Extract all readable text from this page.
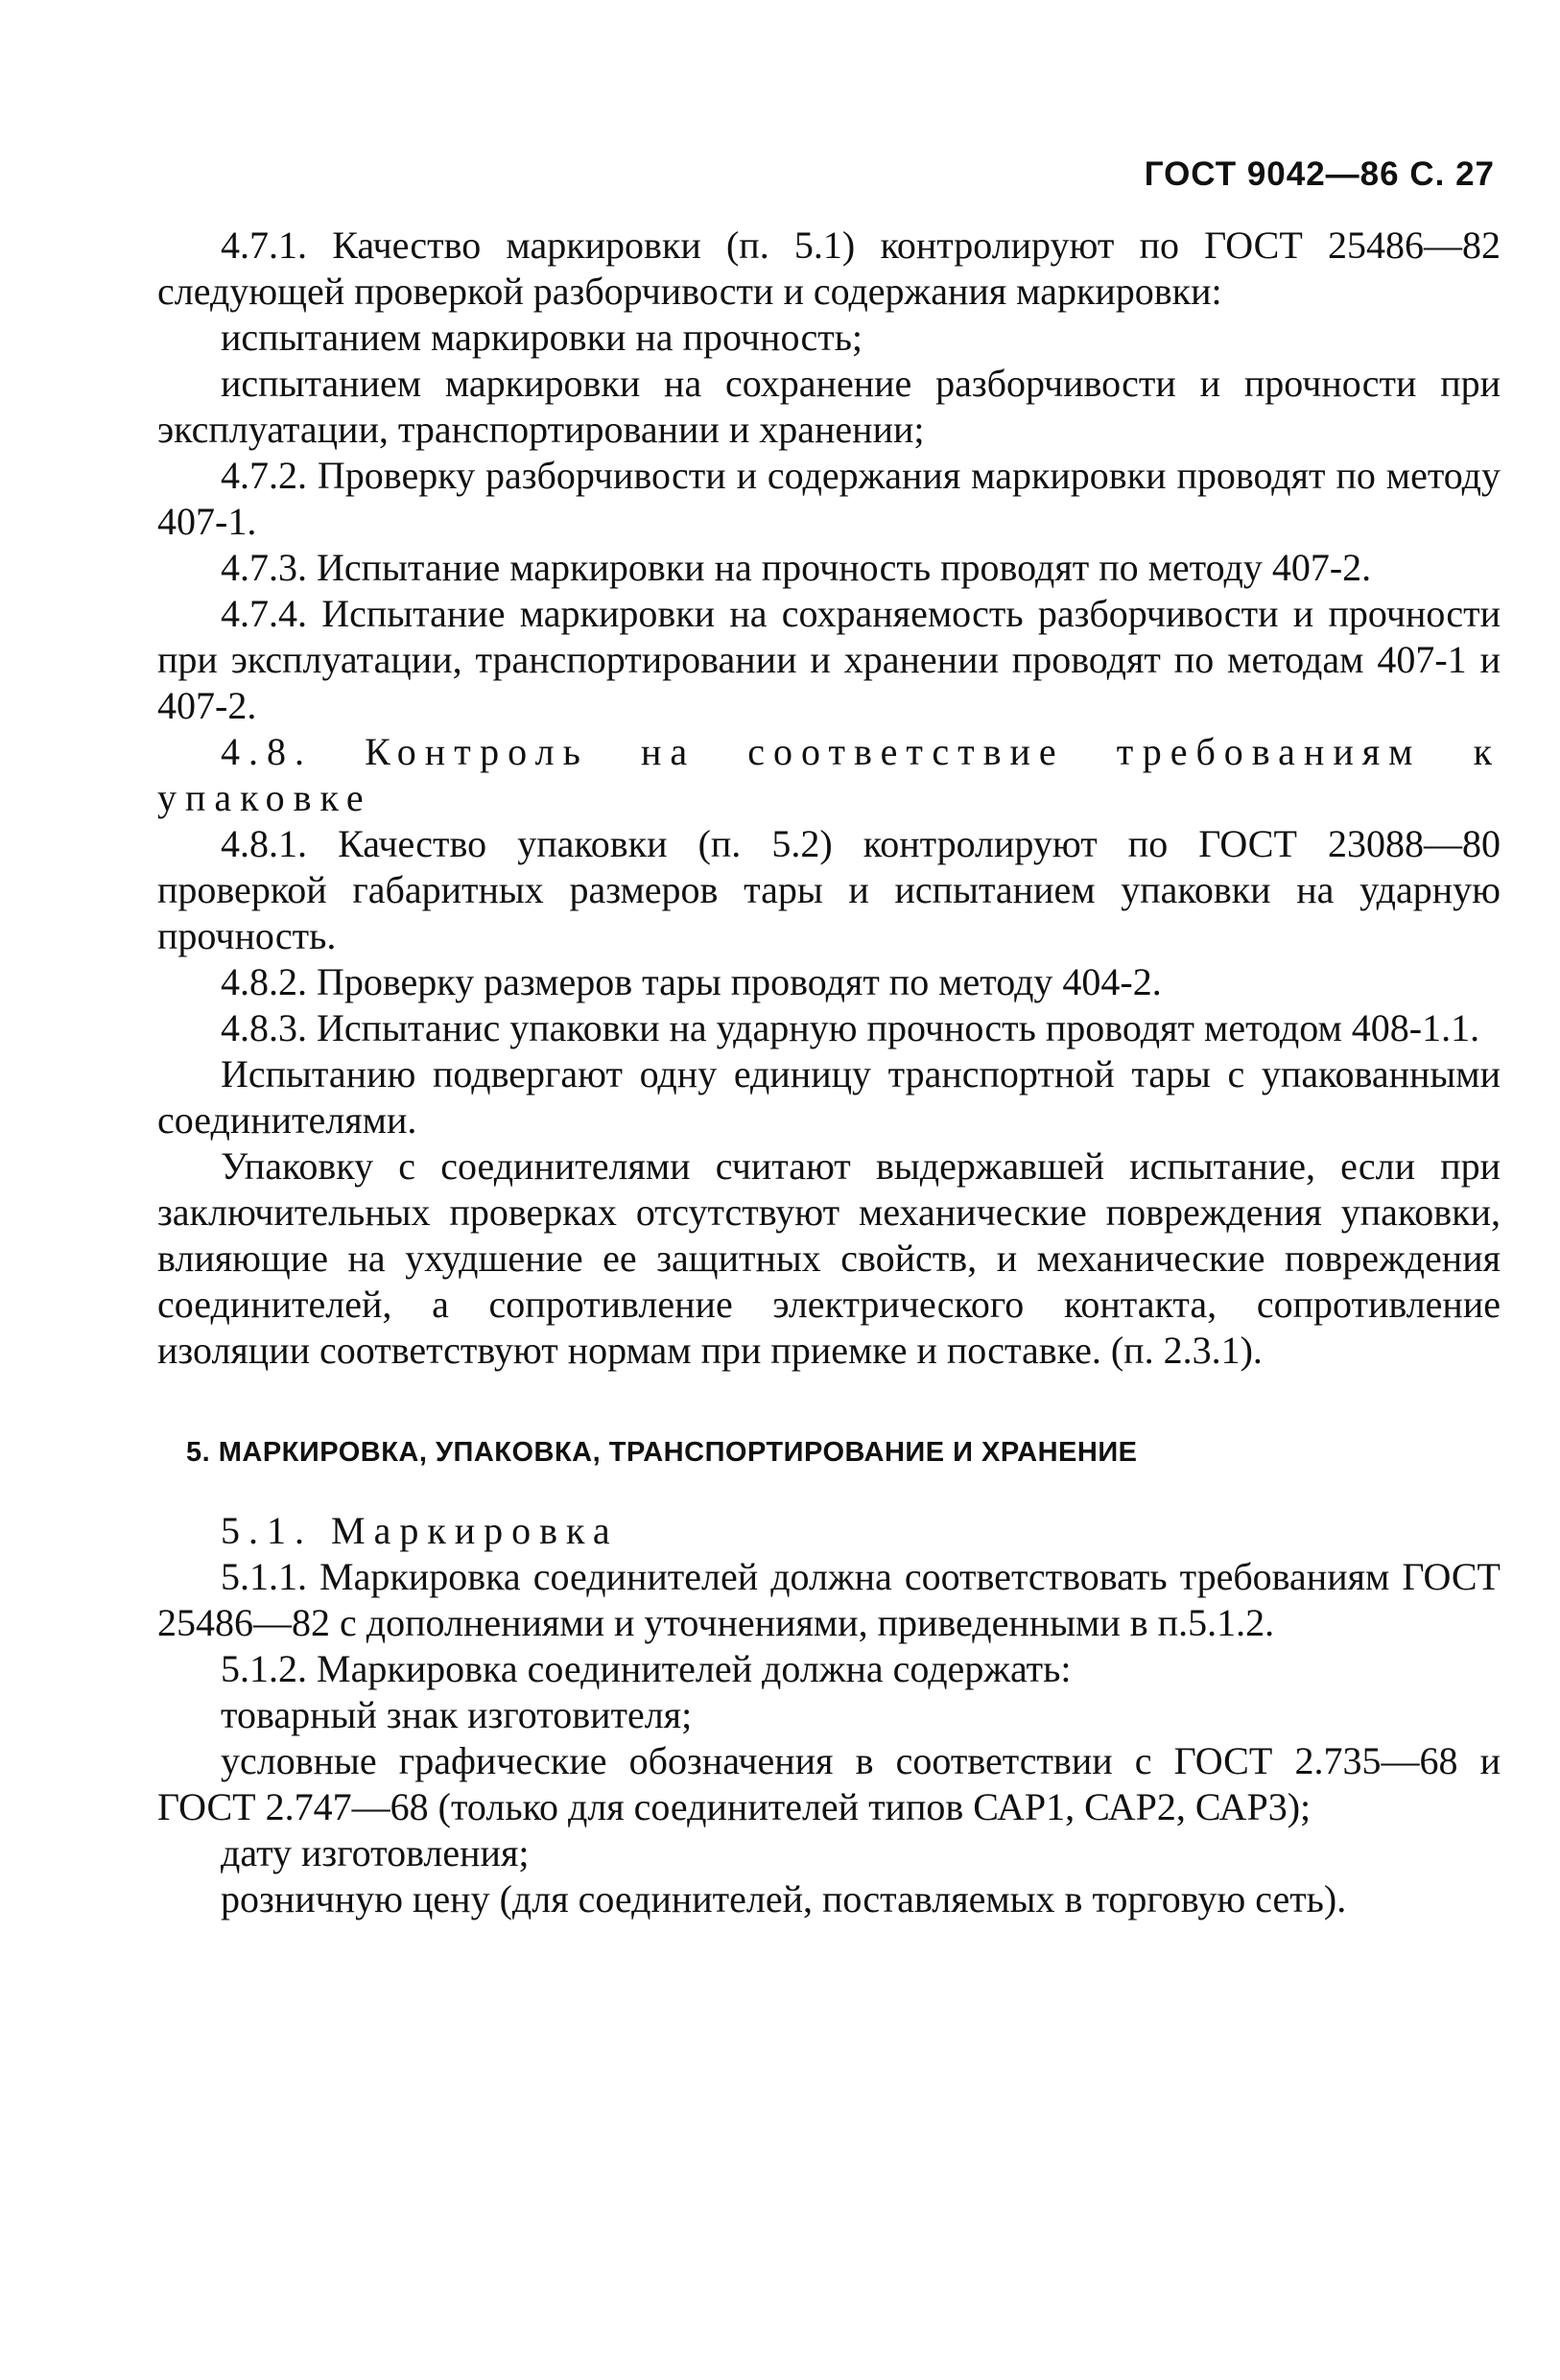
ГОСТ 9042—86 С. 27

4.7.1. Качество маркировки (п. 5.1) контролируют по ГОСТ 25486—82 следующей проверкой разборчивости и содержания маркировки:

испытанием маркировки на прочность;

испытанием маркировки на сохранение разборчивости и прочности при эксплуатации, транспортировании и хранении;

4.7.2. Проверку разборчивости и содержания маркировки проводят по методу 407-1.

4.7.3. Испытание маркировки на прочность проводят по методу 407-2.

4.7.4. Испытание маркировки на сохраняемость разборчивости и прочности при эксплуатации, транспортировании и хранении проводят по методам 407-1 и 407-2.

4.8. Контроль на соответствие требованиям к упаковке

4.8.1. Качество упаковки (п. 5.2) контролируют по ГОСТ 23088—80 проверкой габаритных размеров тары и испытанием упаковки на ударную прочность.

4.8.2. Проверку размеров тары проводят по методу 404-2.

4.8.3. Испытанис упаковки на ударную прочность проводят методом 408-1.1.

Испытанию подвергают одну единицу транспортной тары с упакованными соединителями.

Упаковку с соединителями считают выдержавшей испытание, если при заключительных проверках отсутствуют механические повреждения упаковки, влияющие на ухудшение ее защитных свойств, и механические повреждения соединителей, а сопротивление электрического контакта, сопротивление изоляции соответствуют нормам при приемке и поставке. (п. 2.3.1).

5. МАРКИРОВКА, УПАКОВКА, ТРАНСПОРТИРОВАНИЕ И ХРАНЕНИЕ

5.1. Маркировка

5.1.1. Маркировка соединителей должна соответствовать требованиям ГОСТ 25486—82 с дополнениями и уточнениями, приведенными в п.5.1.2.

5.1.2. Маркировка соединителей должна содержать:

товарный знак изготовителя;

условные графические обозначения в соответствии с ГОСТ 2.735—68 и ГОСТ 2.747—68 (только для соединителей типов САР1, САР2, САР3);

дату изготовления;

розничную цену (для соединителей, поставляемых в торговую сеть).
